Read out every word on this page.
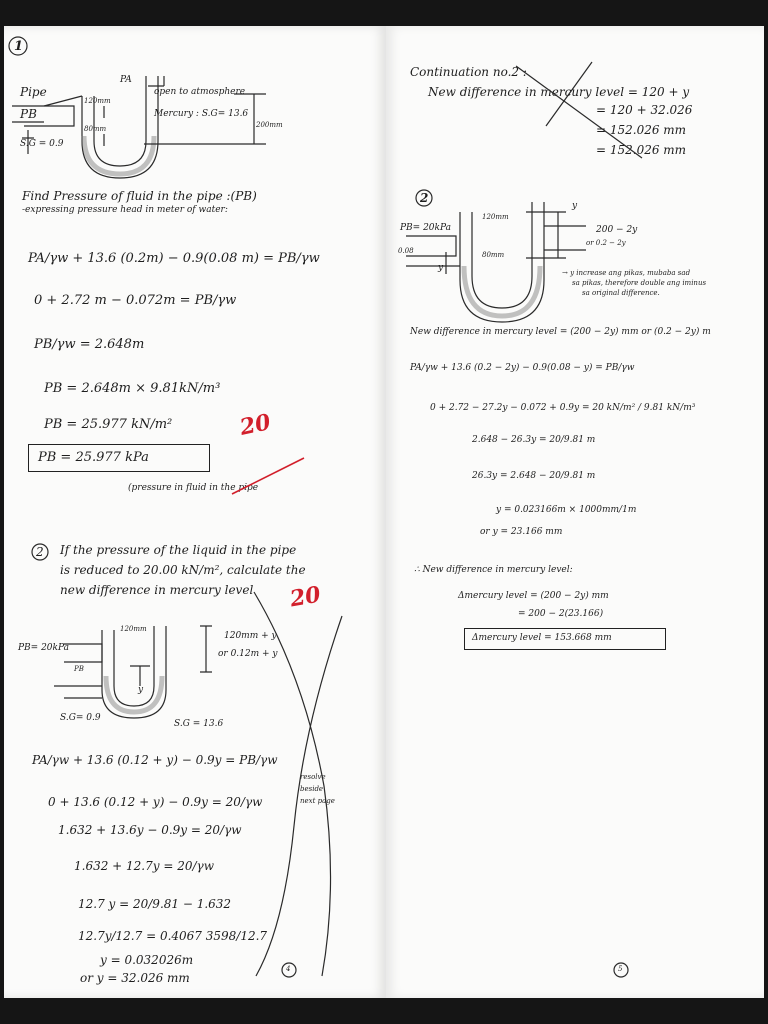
1
Pipe
PB
S.G = 0.9
PA
open to atmosphere
Mercury : S.G= 13.6
120mm
80mm	200mm
Find Pressure of fluid in the pipe :(PB)
-expressing pressure head in meter of water:
PA/γw + 13.6 (0.2m) − 0.9(0.08 m) = PB/γw
0 + 2.72 m − 0.072m = PB/γw
PB/γw = 2.648m
PB = 2.648m × 9.81kN/m³
PB = 25.977 kN/m²
PB = 25.977 kPa
(pressure in fluid in the pipe
20
2 If the pressure of the liquid in the pipe
is reduced to 20.00 kN/m², calculate the
new difference in mercury level 20
PB= 20kPa
PB
120mm
y
S.G= 0.9
S.G = 13.6
120mm + y
or 0.12m + y
PA/γw + 13.6 (0.12 + y) − 0.9y = PB/γw
0 + 13.6 (0.12 + y) − 0.9y = 20/γw
1.632 + 13.6y − 0.9y = 20/γw
1.632 + 12.7y = 20/γw
12.7 y = 20/9.81 − 1.632
12.7y/12.7 = 0.4067 3598/12.7
y = 0.032026m
or y = 32.026 mm
resolve
beside
next page
4
Continuation no.2 :
New difference in mercury level = 120 + y
= 120 + 32.026
= 152.026 mm
= 152.026 mm
2
PB= 20kPa
0.08
y
y
120mm
80mm
200 − 2y
or 0.2 − 2y
→ y increase ang pikas, mubaba sad
sa pikas, therefore double ang iminus
sa original difference.
New difference in mercury level = (200 − 2y) mm or (0.2 − 2y) m
PA/γw + 13.6 (0.2 − 2y) − 0.9(0.08 − y) = PB/γw
0 + 2.72 − 27.2y − 0.072 + 0.9y = 20 kN/m² / 9.81 kN/m³
2.648 − 26.3y = 20/9.81 m
26.3y = 2.648 − 20/9.81 m
y = 0.023166m × 1000mm/1m
or y = 23.166 mm
∴ New difference in mercury level:
Δmercury level = (200 − 2y) mm
= 200 − 2(23.166)
Δmercury level = 153.668 mm
5
